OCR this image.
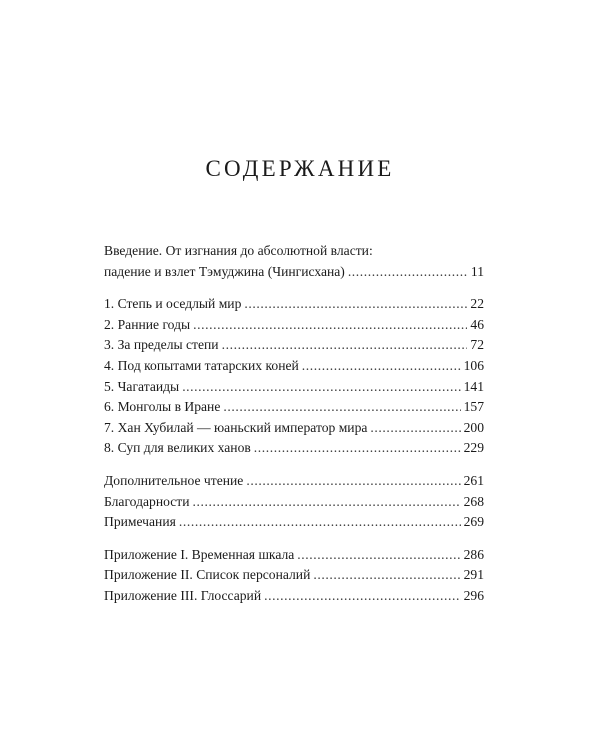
СОДЕРЖАНИЕ
Введение. От изгнания до абсолютной власти:
падение и взлет Тэмуджина (Чингисхана) . . .	11
1. Степь и оседлый мир . . .	22
2. Ранние годы . . .	46
3. За пределы степи . . .	72
4. Под копытами татарских коней . . .	106
5. Чагатаиды . . .	141
6. Монголы в Иране . . .	157
7. Хан Хубилай — юаньский император мира . . .	200
8. Суп для великих ханов . . .	229
Дополнительное чтение . . .	261
Благодарности . . .	268
Примечания . . .	269
Приложение I. Временная шкала . . .	286
Приложение II. Список персоналий . . .	291
Приложение III. Глоссарий . . .	296
